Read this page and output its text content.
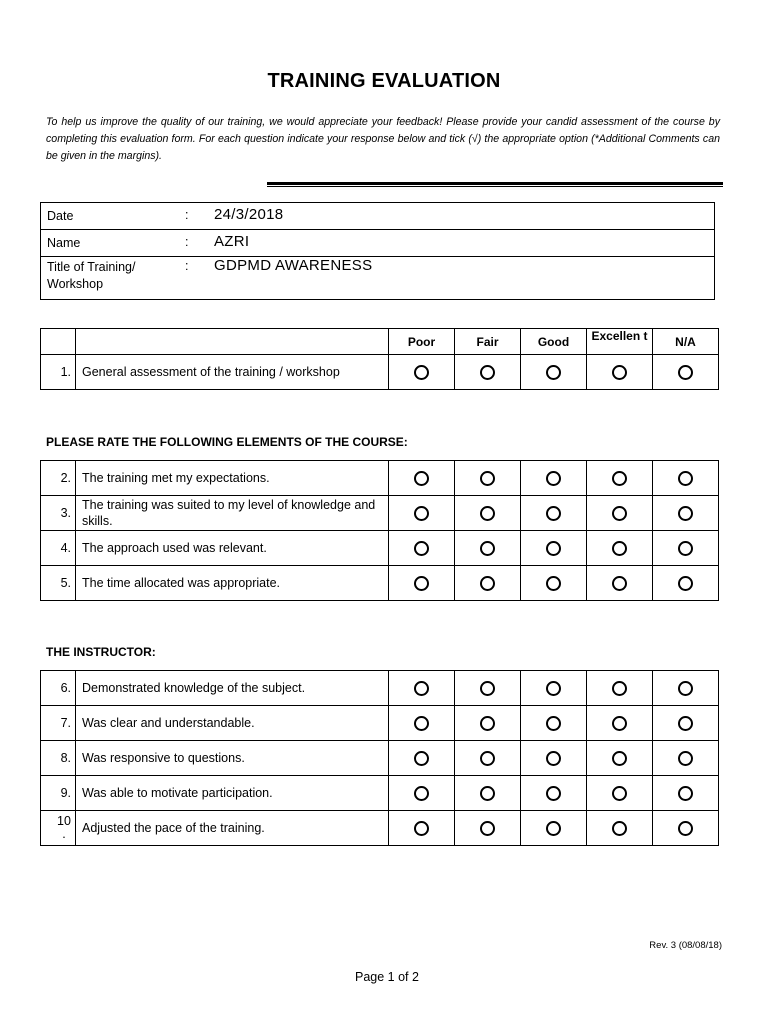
TRAINING EVALUATION
To help us improve the quality of our training, we would appreciate your feedback! Please provide your candid assessment of the course by completing this evaluation form. For each question indicate your response below and tick (√) the appropriate option (*Additional Comments can be given in the margins).
Date	: 24/3/2018
Name	: AZRI
Title of Training/
Workshop
: GDPMD AWARENESS
		Poor	Fair	Good	Excellen t	N/A
1.	General assessment of the training / workshop					
PLEASE RATE THE FOLLOWING ELEMENTS OF THE COURSE:
2.	The training met my expectations.					
3.	The training was suited to my level of knowledge and skills.					
4.	The approach used was relevant.					
5.	The time allocated was appropriate.					
THE INSTRUCTOR:
6.	Demonstrated knowledge of the subject.					
7.	Was clear and understandable.					
8.	Was responsive to questions.					
9.	Was able to motivate participation.					
10 .	Adjusted the pace of the training.					
Rev. 3 (08/08/18)
Page 1 of 2
